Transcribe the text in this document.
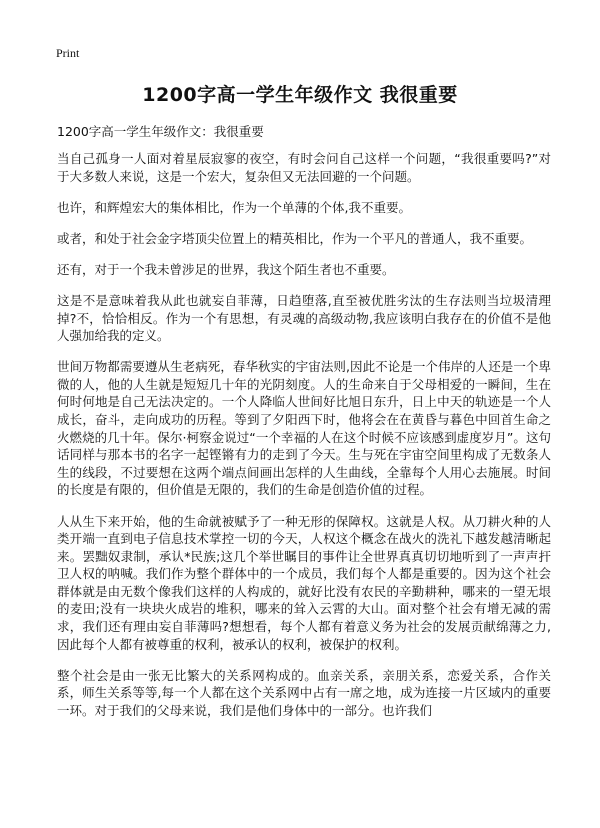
Print
1200字高一学生年级作文 我很重要
1200字高一学生年级作文：我很重要

当自己孤身一人面对着星辰寂寥的夜空，有时会问自己这样一个问题，“我很重要吗?”对于大多数人来说，这是一个宏大，复杂但又无法回避的一个问题。

也许，和辉煌宏大的集体相比，作为一个单薄的个体,我不重要。

或者，和处于社会金字塔顶尖位置上的精英相比，作为一个平凡的普通人，我不重要。

还有，对于一个我未曾涉足的世界，我这个陌生者也不重要。

这是不是意味着我从此也就妄自菲薄，日趋堕落,直至被优胜劣汰的生存法则当垃圾清理掉?不，恰恰相反。作为一个有思想，有灵魂的高级动物,我应该明白我存在的价值不是他人强加给我的定义。

世间万物都需要遵从生老病死，春华秋实的宇宙法则,因此不论是一个伟岸的人还是一个卑微的人，他的人生就是短短几十年的光阴刻度。人的生命来自于父母相爱的一瞬间，生在何时何地是自己无法决定的。一个人降临人世间好比旭日东升，日上中天的轨迹是一个人成长，奋斗，走向成功的历程。等到了夕阳西下时，他将会在在黄昏与暮色中回首生命之火燃烧的几十年。保尔·柯察金说过“一个幸福的人在这个时候不应该感到虚度岁月”。这句话同样与那本书的名字一起铿锵有力的走到了今天。生与死在宇宙空间里构成了无数条人生的线段，不过要想在这两个端点间画出怎样的人生曲线，全靠每个人用心去施展。时间的长度是有限的，但价值是无限的，我们的生命是创造价值的过程。

人从生下来开始，他的生命就被赋予了一种无形的保障权。这就是人权。从刀耕火种的人类开端一直到电子信息技术掌控一切的今天，人权这个概念在战火的洗礼下越发越清晰起来。罢黜奴隶制，承认*民族;这几个举世瞩目的事件让全世界真真切切地听到了一声声扞卫人权的呐喊。我们作为整个群体中的一个成员，我们每个人都是重要的。因为这个社会群体就是由无数个像我们这样的人构成的，就好比没有农民的辛勤耕种，哪来的一望无垠的麦田;没有一块块火成岩的堆积，哪来的耸入云霄的大山。面对整个社会有增无减的需求，我们还有理由妄自菲薄吗?想想看，每个人都有着意义务为社会的发展贡献绵薄之力,因此每个人都有被尊重的权利，被承认的权利，被保护的权利。

整个社会是由一张无比繁大的关系网构成的。血亲关系，亲朋关系，恋爱关系，合作关系，师生关系等等,每一个人都在这个关系网中占有一席之地，成为连接一片区域内的重要一环。对于我们的父母来说，我们是他们身体中的一部分。也许我们
